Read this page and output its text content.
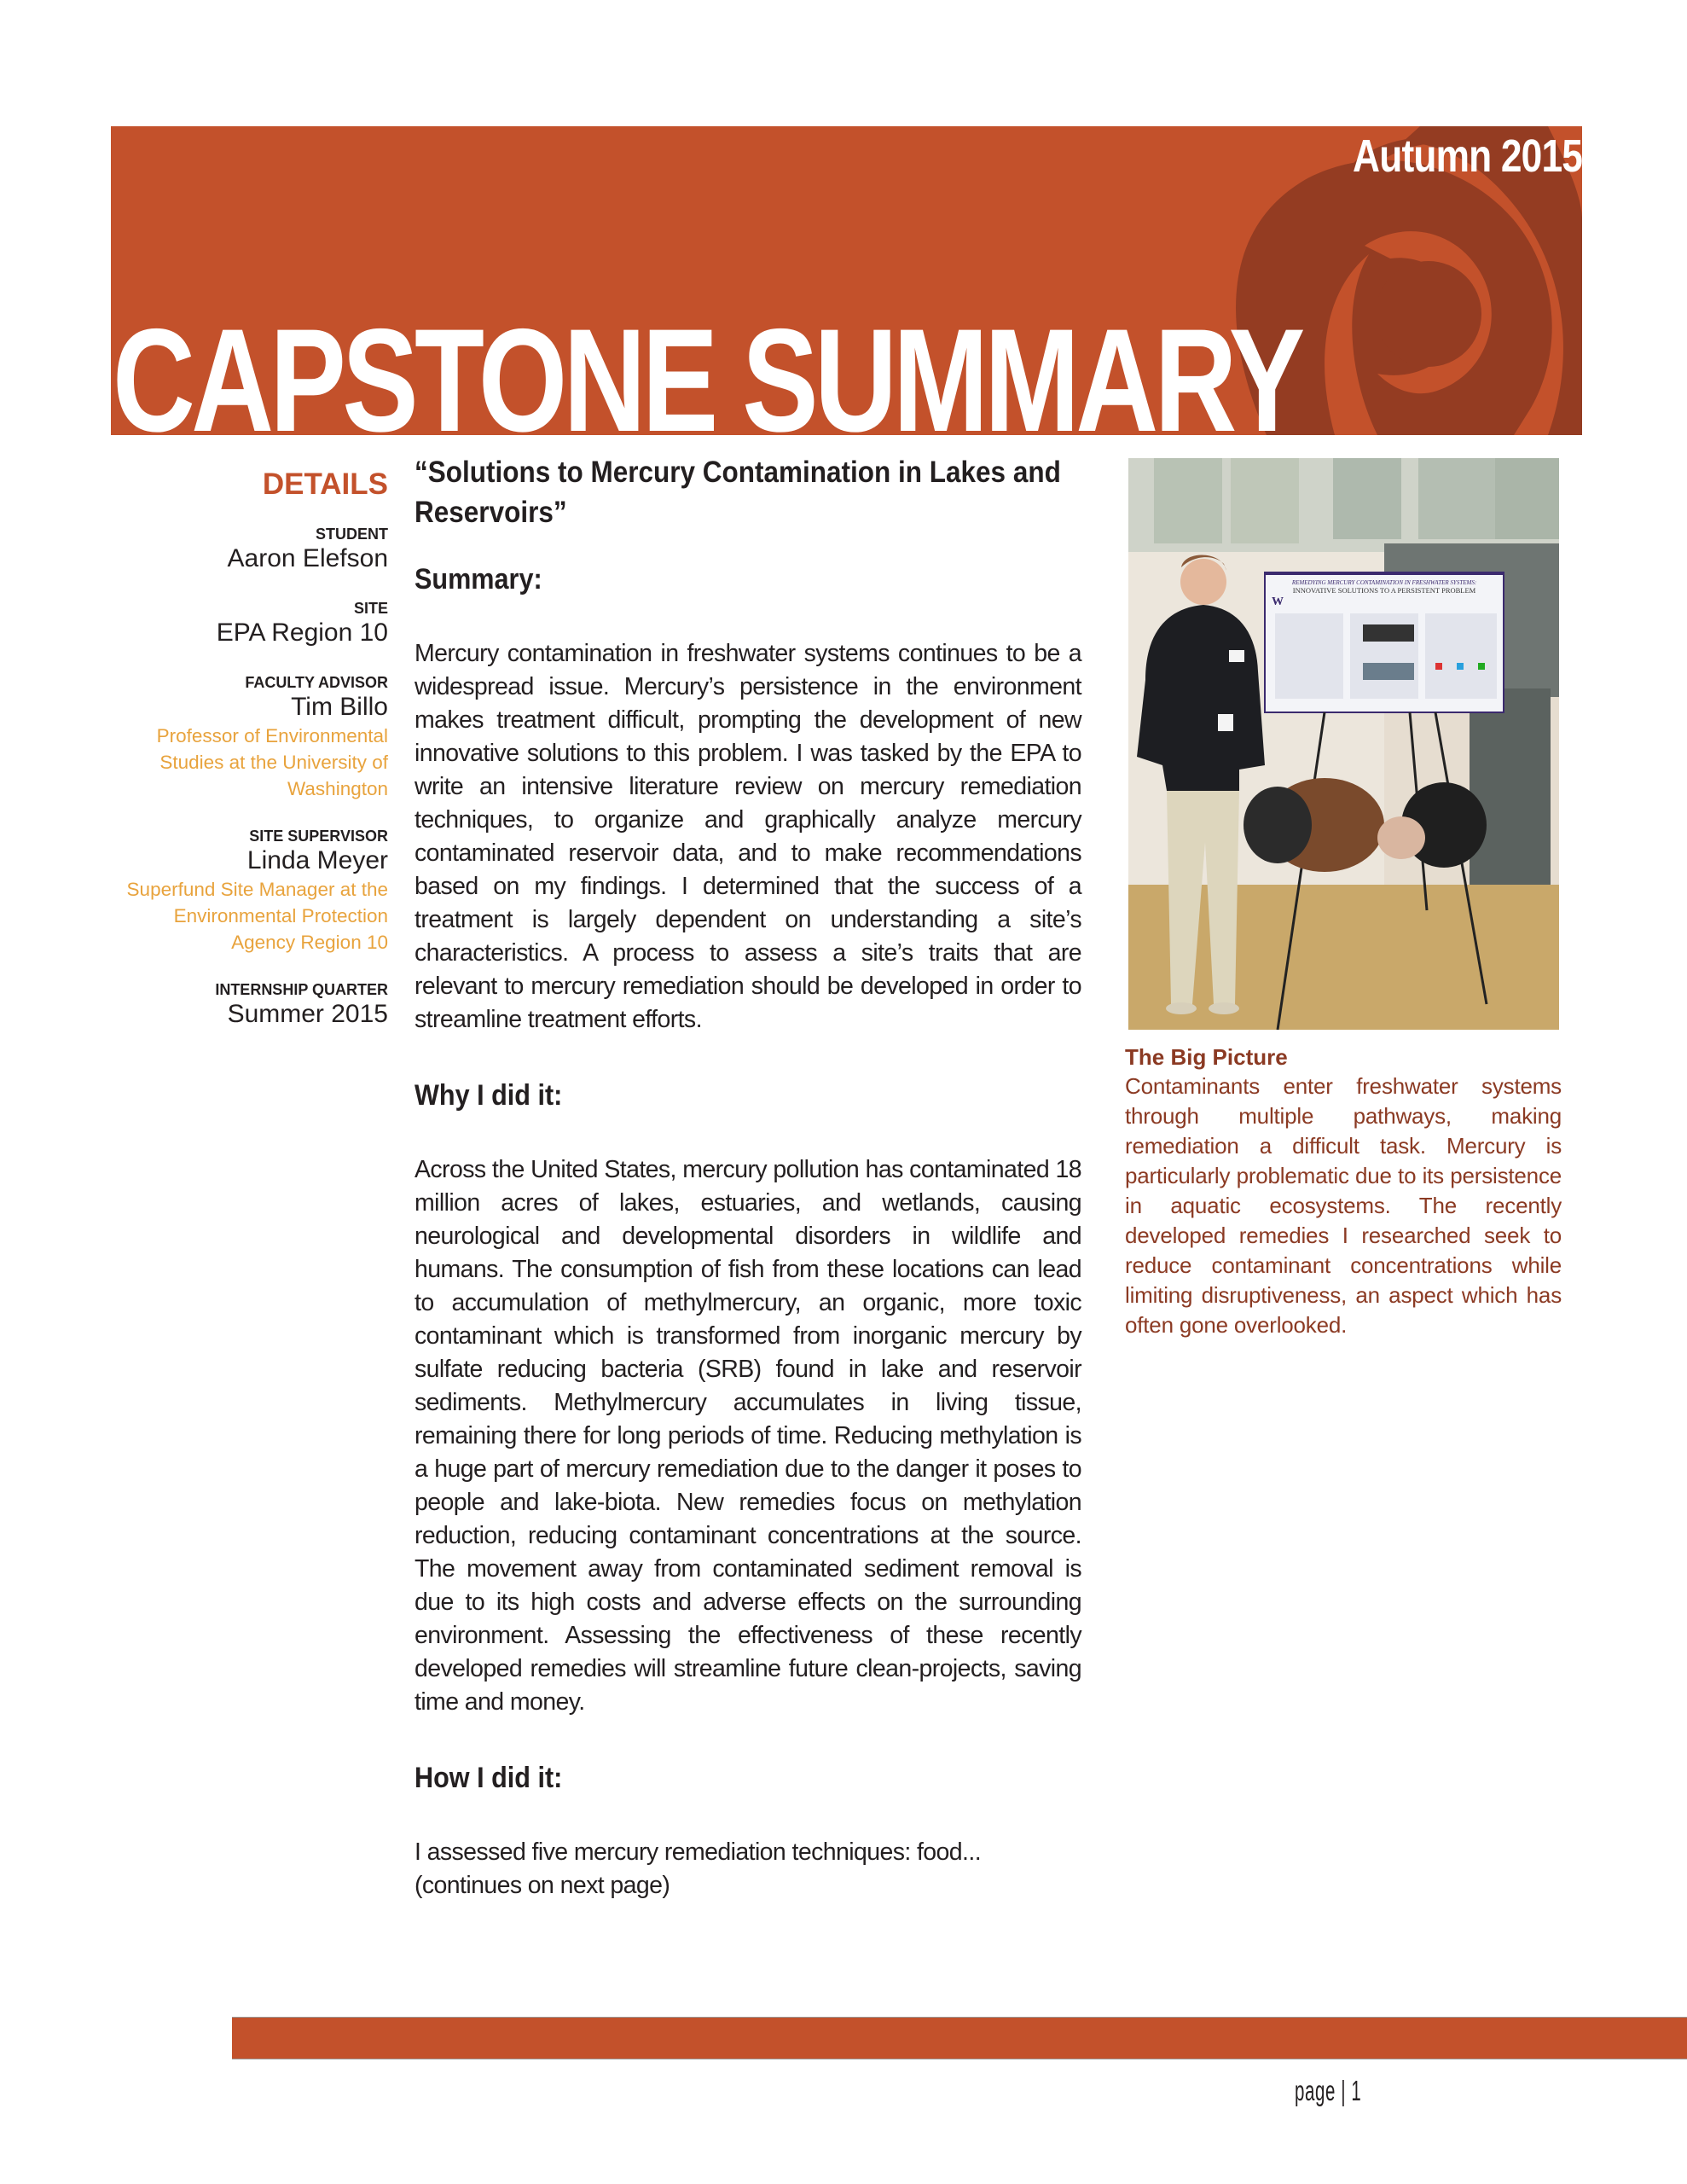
Autumn 2015
CAPSTONE SUMMARY
DETAILS
STUDENT
Aaron Elefson
SITE
EPA Region 10
FACULTY ADVISOR
Tim Billo
Professor of Environmental Studies at the University of Washington
SITE SUPERVISOR
Linda Meyer
Superfund Site Manager at the Environmental Protection Agency Region 10
INTERNSHIP QUARTER
Summer 2015
“Solutions to Mercury Contamination in Lakes and Reservoirs”
Summary:

Mercury contamination in freshwater systems continues to be a widespread issue. Mercury’s persistence in the environment makes treatment difficult, prompting the development of new innovative solutions to this problem. I was tasked by the EPA to write an intensive literature review on mercury remediation techniques, to organize and graphically analyze mercury contaminated reservoir data, and to make recommendations based on my findings. I determined that the success of a treatment is largely dependent on understanding a site’s characteristics. A process to assess a site’s traits that are relevant to mercury remediation should be developed in order to streamline treatment efforts.

Why I did it:

Across the United States, mercury pollution has contaminated 18 million acres of lakes, estuaries, and wetlands, causing neurological and developmental disorders in wildlife and humans. The consumption of fish from these locations can lead to accumulation of methylmercury, an organic, more toxic contaminant which is transformed from inorganic mercury by sulfate reducing bacteria (SRB) found in lake and reservoir sediments. Methylmercury accumulates in living tissue, remaining there for long periods of time. Reducing methylation is a huge part of mercury remediation due to the danger it poses to people and lake-biota. New remedies focus on methylation reduction, reducing contaminant concentrations at the source. The movement away from contaminated sediment removal is due to its high costs and adverse effects on the surrounding environment. Assessing the effectiveness of these recently developed remedies will streamline future clean-projects, saving time and money.

How I did it:

I assessed five mercury remediation techniques: food...

(continues on next page)

REMEDYING MERCURY CONTAMINATION IN FRESHWATER SYSTEMS:
INNOVATIVE SOLUTIONS TO A PERSISTENT PROBLEM
W
The Big Picture

Contaminants enter freshwater systems through multiple pathways, making remediation a difficult task. Mercury is particularly problematic due to its persistence in aquatic ecosystems. The recently developed remedies I researched seek to reduce contaminant concentrations while limiting disruptiveness, an aspect which has often gone overlooked.

page | 1
